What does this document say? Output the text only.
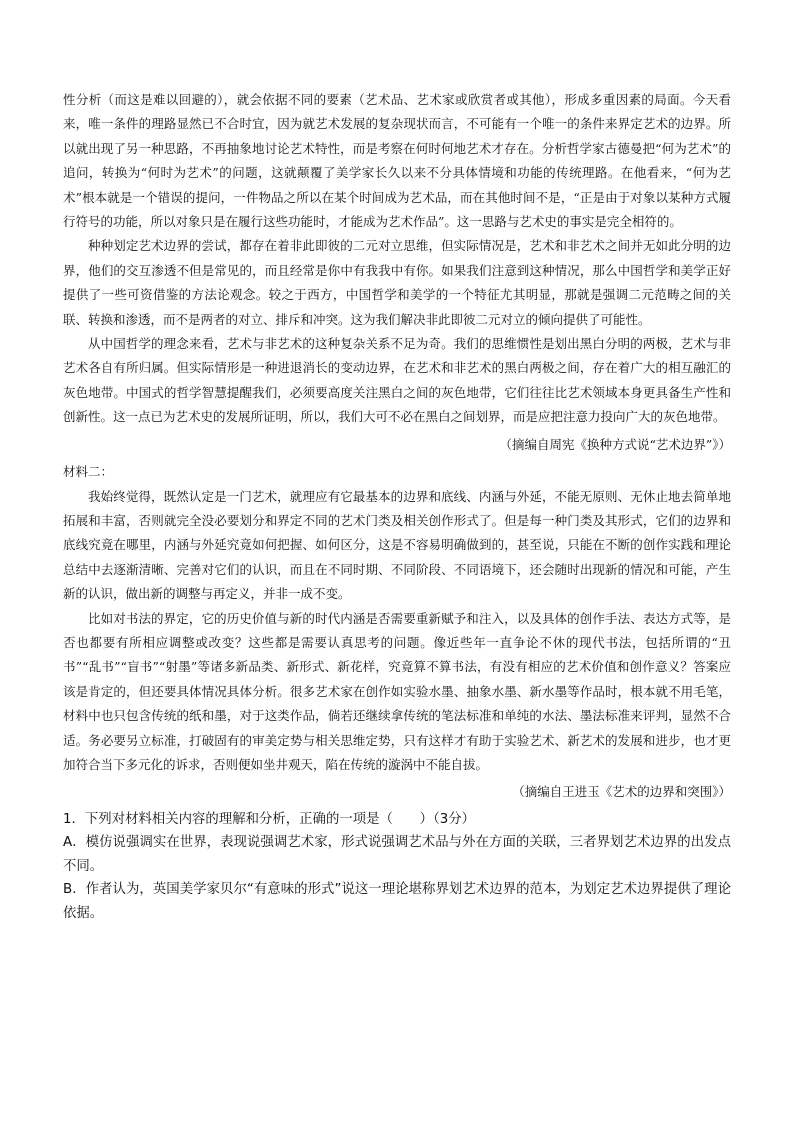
性分析（而这是难以回避的），就会依据不同的要素（艺术品、艺术家或欣赏者或其他），形成多重因素的局面。今天看来，唯一条件的理路显然已不合时宜，因为就艺术发展的复杂现状而言，不可能有一个唯一的条件来界定艺术的边界。所以就出现了另一种思路，不再抽象地讨论艺术特性，而是考察在何时何地艺术才存在。分析哲学家古德曼把“何为艺术”的追问，转换为“何时为艺术”的问题，这就颠覆了美学家长久以来不分具体情境和功能的传统理路。在他看来，“何为艺术”根本就是一个错误的提问，一件物品之所以在某个时间成为艺术品，而在其他时间不是，“正是由于对象以某种方式履行符号的功能，所以对象只是在履行这些功能时，才能成为艺术作品”。这一思路与艺术史的事实是完全相符的。

种种划定艺术边界的尝试，都存在着非此即彼的二元对立思维，但实际情况是，艺术和非艺术之间并无如此分明的边界，他们的交互渗透不但是常见的，而且经常是你中有我我中有你。如果我们注意到这种情况，那么中国哲学和美学正好提供了一些可资借鉴的方法论观念。较之于西方，中国哲学和美学的一个特征尤其明显，那就是强调二元范畴之间的关联、转换和渗透，而不是两者的对立、排斥和冲突。这为我们解决非此即彼二元对立的倾向提供了可能性。

从中国哲学的理念来看，艺术与非艺术的这种复杂关系不足为奇。我们的思维惯性是划出黑白分明的两极，艺术与非艺术各自有所归属。但实际情形是一种进退消长的变动边界，在艺术和非艺术的黑白两极之间，存在着广大的相互融汇的灰色地带。中国式的哲学智慧提醒我们，必须要高度关注黑白之间的灰色地带，它们往往比艺术领域本身更具备生产性和创新性。这一点已为艺术史的发展所证明，所以，我们大可不必在黑白之间划界，而是应把注意力投向广大的灰色地带。

（摘编自周宪《换种方式说“艺术边界”》）

材料二：

我始终觉得，既然认定是一门艺术，就理应有它最基本的边界和底线、内涵与外延，不能无原则、无休止地去简单地拓展和丰富，否则就完全没必要划分和界定不同的艺术门类及相关创作形式了。但是每一种门类及其形式，它们的边界和底线究竟在哪里，内涵与外延究竟如何把握、如何区分，这是不容易明确做到的，甚至说，只能在不断的创作实践和理论总结中去逐渐清晰、完善对它们的认识，而且在不同时期、不同阶段、不同语境下，还会随时出现新的情况和可能，产生新的认识，做出新的调整与再定义，并非一成不变。

比如对书法的界定，它的历史价值与新的时代内涵是否需要重新赋予和注入，以及具体的创作手法、表达方式等，是否也都要有所相应调整或改变？这些都是需要认真思考的问题。像近些年一直争论不休的现代书法，包括所谓的“丑书”“乱书”“盲书”“射墨”等诸多新品类、新形式、新花样，究竟算不算书法，有没有相应的艺术价值和创作意义？答案应该是肯定的，但还要具体情况具体分析。很多艺术家在创作如实验水墨、抽象水墨、新水墨等作品时，根本就不用毛笔，材料中也只包含传统的纸和墨，对于这类作品，倘若还继续拿传统的笔法标准和单纯的水法、墨法标准来评判，显然不合适。务必要另立标准，打破固有的审美定势与相关思维定势，只有这样才有助于实验艺术、新艺术的发展和进步，也才更加符合当下多元化的诉求，否则便如坐井观天，陷在传统的漩涡中不能自拔。

（摘编自王进玉《艺术的边界和突围》）

1．下列对材料相关内容的理解和分析，正确的一项是（　　）（3分）

A．模仿说强调实在世界，表现说强调艺术家，形式说强调艺术品与外在方面的关联，三者界划艺术边界的出发点不同。

B．作者认为，英国美学家贝尔“有意味的形式”说这一理论堪称界划艺术边界的范本，为划定艺术边界提供了理论依据。
